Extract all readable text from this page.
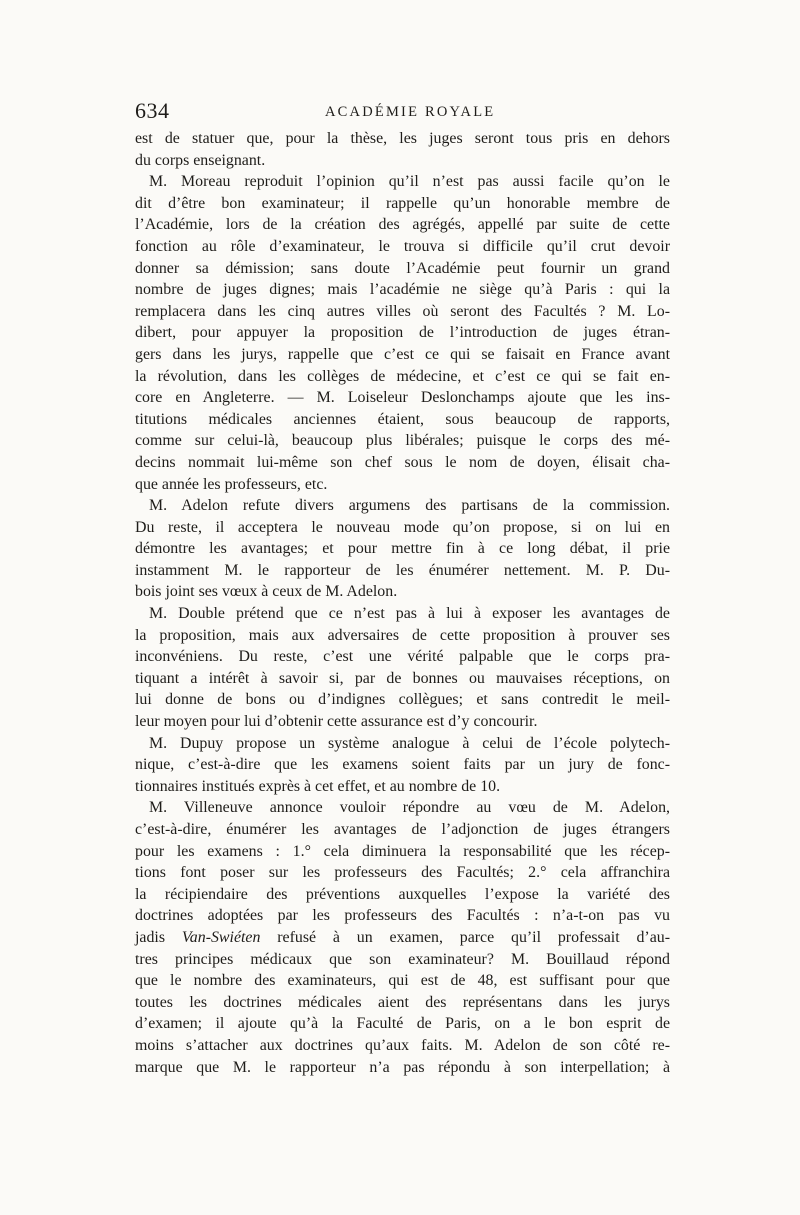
634	ACADÉMIE ROYALE
est de statuer que, pour la thèse, les juges seront tous pris en dehors
du corps enseignant.
M. Moreau reproduit l’opinion qu’il n’est pas aussi facile qu’on le
dit d’être bon examinateur; il rappelle qu’un honorable membre de
l’Académie, lors de la création des agrégés, appellé par suite de cette
fonction au rôle d’examinateur, le trouva si difficile qu’il crut devoir
donner sa démission; sans doute l’Académie peut fournir un grand
nombre de juges dignes; mais l’académie ne siège qu’à Paris : qui la
remplacera dans les cinq autres villes où seront des Facultés ? M. Lo-
dibert, pour appuyer la proposition de l’introduction de juges étran-
gers dans les jurys, rappelle que c’est ce qui se faisait en France avant
la révolution, dans les collèges de médecine, et c’est ce qui se fait en-
core en Angleterre. — M. Loiseleur Deslonchamps ajoute que les ins-
titutions médicales anciennes étaient, sous beaucoup de rapports,
comme sur celui-là, beaucoup plus libérales; puisque le corps des mé-
decins nommait lui-même son chef sous le nom de doyen, élisait cha-
que année les professeurs, etc.
M. Adelon refute divers argumens des partisans de la commission.
Du reste, il acceptera le nouveau mode qu’on propose, si on lui en
démontre les avantages; et pour mettre fin à ce long débat, il prie
instamment M. le rapporteur de les énumérer nettement. M. P. Du-
bois joint ses vœux à ceux de M. Adelon.
M. Double prétend que ce n’est pas à lui à exposer les avantages de
la proposition, mais aux adversaires de cette proposition à prouver ses
inconvéniens. Du reste, c’est une vérité palpable que le corps pra-
tiquant a intérêt à savoir si, par de bonnes ou mauvaises réceptions, on
lui donne de bons ou d’indignes collègues; et sans contredit le meil-
leur moyen pour lui d’obtenir cette assurance est d’y concourir.
M. Dupuy propose un système analogue à celui de l’école polytech-
nique, c’est-à-dire que les examens soient faits par un jury de fonc-
tionnaires institués exprès à cet effet, et au nombre de 10.
M. Villeneuve annonce vouloir répondre au vœu de M. Adelon,
c’est-à-dire, énumérer les avantages de l’adjonction de juges étrangers
pour les examens : 1.° cela diminuera la responsabilité que les récep-
tions font poser sur les professeurs des Facultés; 2.° cela affranchira
la récipiendaire des préventions auxquelles l’expose la variété des
doctrines adoptées par les professeurs des Facultés : n’a-t-on pas vu
jadis Van-Swiéten refusé à un examen, parce qu’il professait d’au-
tres principes médicaux que son examinateur? M. Bouillaud répond
que le nombre des examinateurs, qui est de 48, est suffisant pour que
toutes les doctrines médicales aient des représentans dans les jurys
d’examen; il ajoute qu’à la Faculté de Paris, on a le bon esprit de
moins s’attacher aux doctrines qu’aux faits. M. Adelon de son côté re-
marque que M. le rapporteur n’a pas répondu à son interpellation; à
